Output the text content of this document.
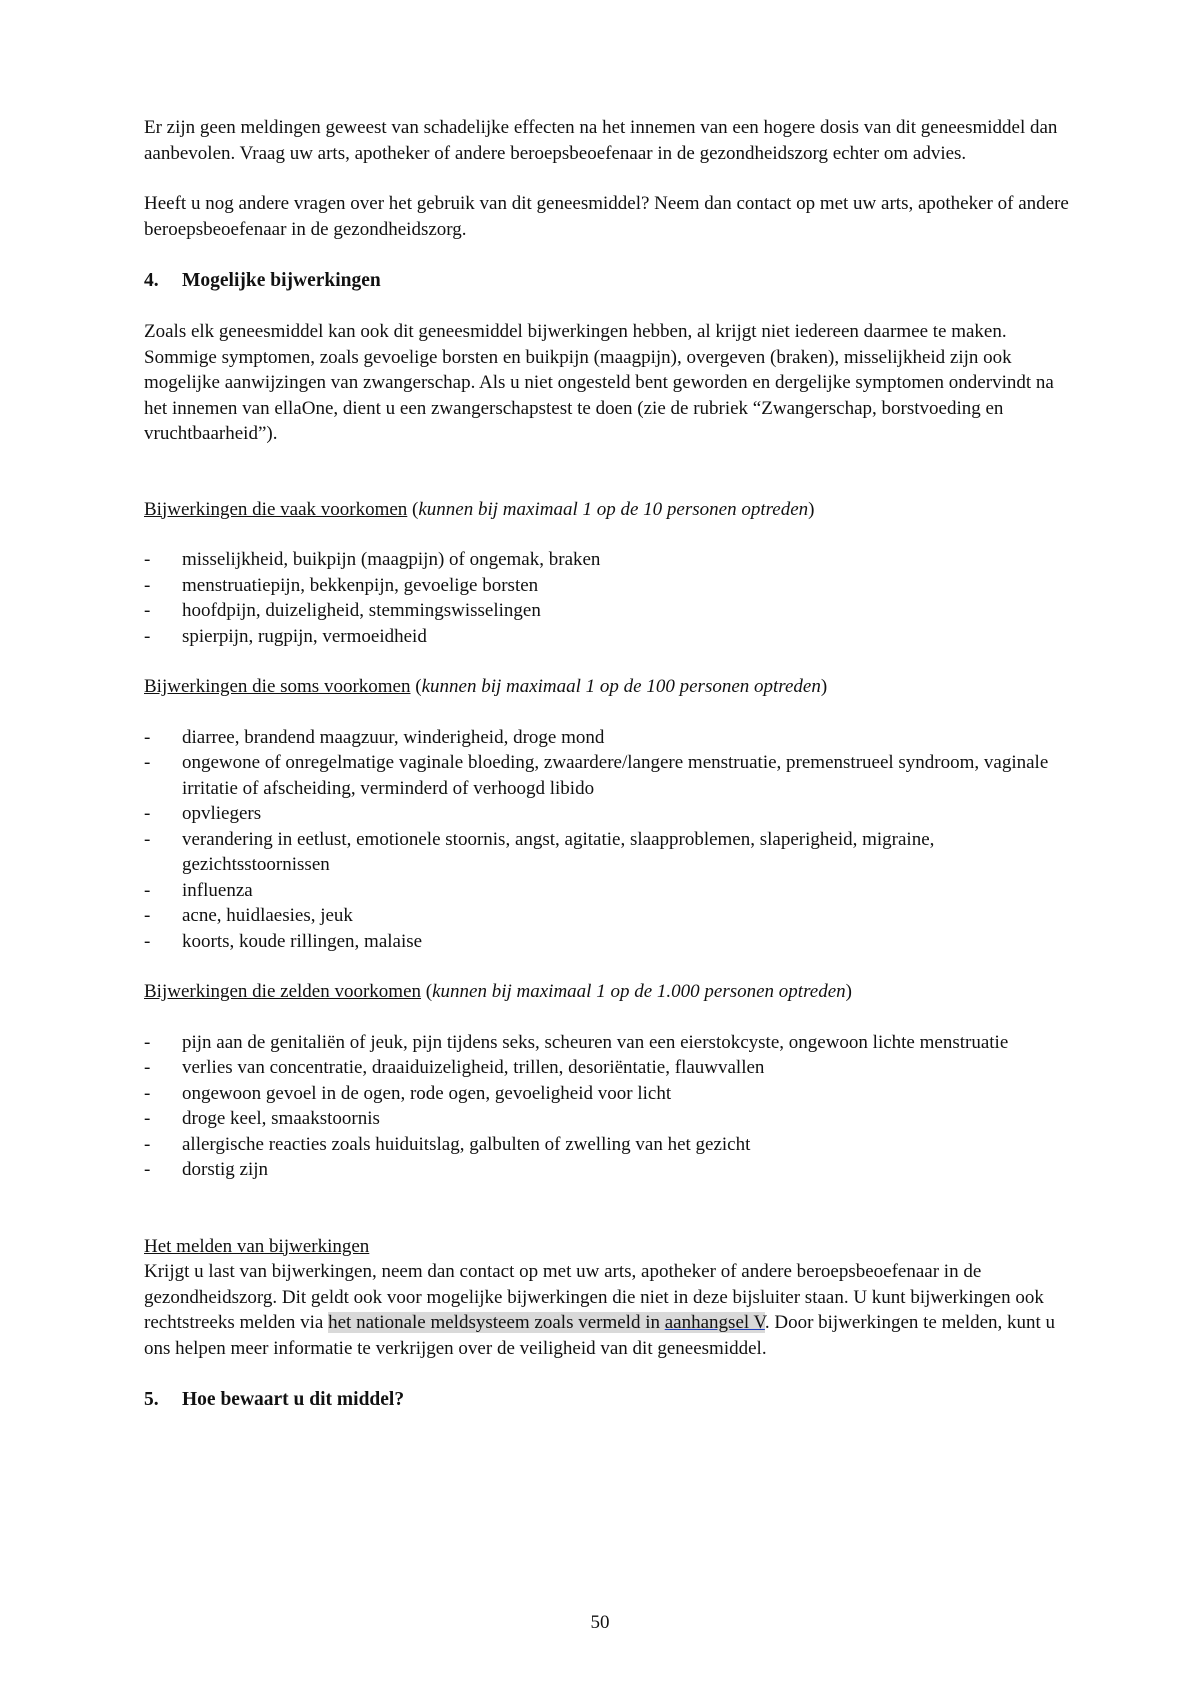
Er zijn geen meldingen geweest van schadelijke effecten na het innemen van een hogere dosis van dit geneesmiddel dan aanbevolen. Vraag uw arts, apotheker of andere beroepsbeoefenaar in de gezondheidszorg echter om advies.

Heeft u nog andere vragen over het gebruik van dit geneesmiddel? Neem dan contact op met uw arts, apotheker of andere beroepsbeoefenaar in de gezondheidszorg.

4. Mogelijke bijwerkingen

Zoals elk geneesmiddel kan ook dit geneesmiddel bijwerkingen hebben, al krijgt niet iedereen daarmee te maken.

Sommige symptomen, zoals gevoelige borsten en buikpijn (maagpijn), overgeven (braken), misselijkheid zijn ook mogelijke aanwijzingen van zwangerschap. Als u niet ongesteld bent geworden en dergelijke symptomen ondervindt na het innemen van ellaOne, dient u een zwangerschapstest te doen (zie de rubriek “Zwangerschap, borstvoeding en vruchtbaarheid”).

Bijwerkingen die vaak voorkomen (kunnen bij maximaal 1 op de 10 personen optreden)

- misselijkheid, buikpijn (maagpijn) of ongemak, braken
- menstruatiepijn, bekkenpijn, gevoelige borsten
- hoofdpijn, duizeligheid, stemmingswisselingen
- spierpijn, rugpijn, vermoeidheid

Bijwerkingen die soms voorkomen (kunnen bij maximaal 1 op de 100 personen optreden)

- diarree, brandend maagzuur, winderigheid, droge mond
- ongewone of onregelmatige vaginale bloeding, zwaardere/langere menstruatie, premenstrueel syndroom, vaginale irritatie of afscheiding, verminderd of verhoogd libido
- opvliegers
- verandering in eetlust, emotionele stoornis, angst, agitatie, slaapproblemen, slaperigheid, migraine, gezichtsstoornissen
- influenza
- acne, huidlaesies, jeuk
- koorts, koude rillingen, malaise

Bijwerkingen die zelden voorkomen (kunnen bij maximaal 1 op de 1.000 personen optreden)

- pijn aan de genitaliën of jeuk, pijn tijdens seks, scheuren van een eierstokcyste, ongewoon lichte menstruatie
- verlies van concentratie, draaiduizeligheid, trillen, desoriëntatie, flauwvallen
- ongewoon gevoel in de ogen, rode ogen, gevoeligheid voor licht
- droge keel, smaakstoornis
- allergische reacties zoals huiduitslag, galbulten of zwelling van het gezicht
- dorstig zijn

Het melden van bijwerkingen

Krijgt u last van bijwerkingen, neem dan contact op met uw arts, apotheker of andere beroepsbeoefenaar in de gezondheidszorg. Dit geldt ook voor mogelijke bijwerkingen die niet in deze bijsluiter staan. U kunt bijwerkingen ook rechtstreeks melden via het nationale meldsysteem zoals vermeld in aanhangsel V. Door bijwerkingen te melden, kunt u ons helpen meer informatie te verkrijgen over de veiligheid van dit geneesmiddel.

5. Hoe bewaart u dit middel?
50
